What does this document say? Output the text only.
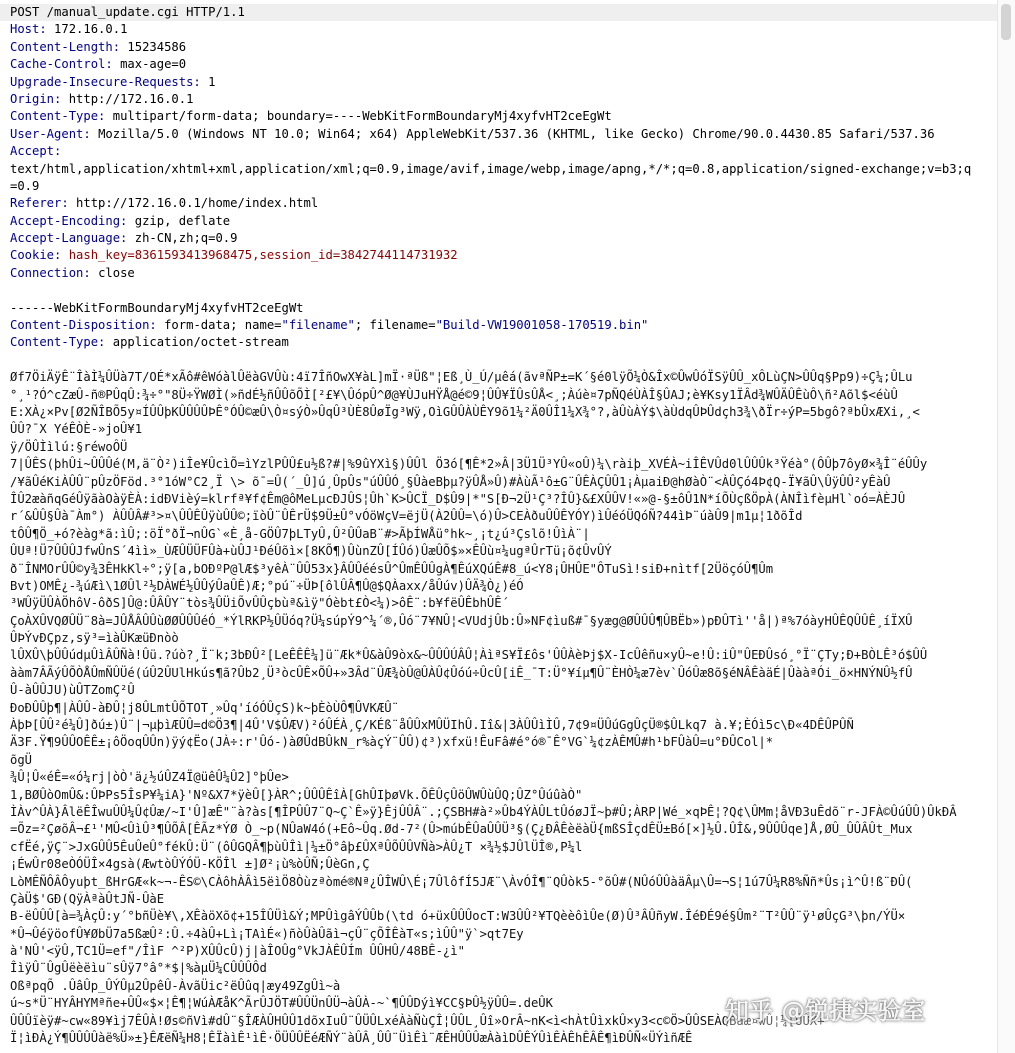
POST /manual_update.cgi HTTP/1.1
Host: 172.16.0.1
Content-Length: 15234586
Cache-Control: max-age=0
Upgrade-Insecure-Requests: 1
Origin: http://172.16.0.1
Content-Type: multipart/form-data; boundary=----WebKitFormBoundaryMj4xyfvHT2ceEgWt
User-Agent: Mozilla/5.0 (Windows NT 10.0; Win64; x64) AppleWebKit/537.36 (KHTML, like Gecko) Chrome/90.0.4430.85 Safari/537.36
Accept:
text/html,application/xhtml+xml,application/xml;q=0.9,image/avif,image/webp,image/apng,*/*;q=0.8,application/signed-exchange;v=b3;q
=0.9
Referer: http://172.16.0.1/home/index.html
Accept-Encoding: gzip, deflate
Accept-Language: zh-CN,zh;q=0.9
Cookie: hash_key=8361593413968475,session_id=3842744114731932
Connection: close
------WebKitFormBoundaryMj4xyfvHT2ceEgWt
Content-Disposition: form-data; name="filename"; filename="Build-VW19001058-170519.bin"
Content-Type: application/octet-stream
Øf7ÖiÄÿÊ¨ÎàÌ¼ÛÜà7T/OÉ*xÃô#êWóàlÛëàGVÛù:4ï7ÎñOwX¥àL]mÏ·ªÜß"¦Eß¸Ù_Ú/µêá(ãvªÑP±=K´§é0lÿÕ¼Ò&Îx©ÛwÛóÏSÿÛÛ_xÔLùÇN>ÛÛq§Pp9)÷Ç¼;ÛLu
°¸¹?Ó^cZæÛ-ñ®PÛqÛ:¾÷°"8Ü÷ŸWØÌ(»ñdÉ½ñÛÛõÕÌ[²£¥\ÛópÛ^Ø@¥ÙJuHŸÅ@é©9¦ÛÛ¥ÏÛsÛÅ<¸;Àúè¤7pÑQéÙÀÎ§ÛAJ;è¥Ksy1ÏÂd¾WÛÄÛÊùÔ\ñ²Aõl$<éùÛ
E:XÀ¿×Pv[Ø2ÑÎBÕ5y¤ÍÛÛþKÛÛÛÛÞÊ°ÓÛ©æÛ\Ò¤sýÒ»ÛqÛ³ÙÈ8ÛøÏg³Wÿ,OìGÛÛÀÙÊY9õ1¼²Ä0ÛÎ1¼X¾°?,àÛùÀÝ$\àÙdqÛÞÛdçh3¾\ðÏr÷ýP=5bgô?ªbÛxÆXi,¸<
ÛÛ?¯X YéÊÒÈ-»joÛ¥1
ÿ/ÖÛÌìlú:§réwoÔÜ
7|ÛÊS(þhÛi~ÛÛÛé(M,ä¨Ò²)iÎe¥ÛcìÕ=ìYzlPÛÛ£u½ß?#|%9ûYXì§)ÛÛl Ö3ó[¶Ê*2»Â|3Ü1Ü³YÛ«oÛ)¼\ràiþ_XVÉÀ~iÎÊVÛd0lÛÛÛk³Ÿéà°(ÔÛþ7ôyØ×¾Î¨éÛÛy
/¥ãÛéKiÀÛÛ¨pÛzÖFöd.³°1óW°C2¸Ï \> õ¯=Û(´_Û]ú¸ÛpÛs"úÛÛÓ¸§ÛàeBþµ?ÿÛÅ»Û)#ÀùÃ¹ô±G¨ÛÊÀÇÛÛ1¡ÀµaiÐ@hØàÒ¨<ÀÛÇó4Þ¢Q-Ï¥ãÛ\ÛÿÛÛ²yÊàÛ
ÎÛ2æàñqGéÛÿãàOàÿÈÀ:idÐVièý=klrfª¥f¢Êm@ôMeLµcÐJÛS¦Ûh`K>ÛCÏ_D$Û9|*"S[Ð¬2Ü¹Ç³?ÎÛ}&£XÛÛV!«»@-§±ôÛ1N*íÕÙçßÖpÀ(ÀNÎìfèµHl`oó=ÀÈJÛ
r´&ÛÛ§Ûà¯Àm°) ÀÛÛÂ#³>¤\ÛÛÊÛÿùÛÛ©;ïòÛ¨ÛÊrÜ$9Ü±Û°vÓöWçV=ëjÜ(À2ÛÛ=\ó)Û>CEÀðuÛÛÊYÓY)ìÛéóÜQóÑ?44ìÞ¨úàÛ9|m1µ¦1ðõÎd
tÔÛ¶Ö_+ó?èàg*ã:ìÛ;:öÏ°ðÏ¬nÛG`«È¸å-GÖÛ7þLTyÛ,Û²ÛÛaB¨#>ÃþÍWÅü°hk~¸¡t¿ú³Çslõ!ÛìÀ¨|
ÛUª!Ü?ÛÛÛJfwÛnS´4ìì»_ÙÆÛÜÜFÛà+ùÛJ¹ÐéÛõì×[8KÕ¶)ÛùnZÛ[ÍÛó)ÛæÛÕ$»×ÊÛù¤¼ugªÛrTü¡õ¢ÛvÛÝ
ð¨ÎNMOrÛÛ©y¾3ÊHkKl÷°;ÿ[a,bOÐºP@lÆ$³yêÀ¨ÛÛ53x}ÂÛÛéésÛ^ÛmÊÛÛgÀ¶ÊúXQúÊ#8_ú<Y8¡ÛHÛE"ÔTuSì!siÐ+nìtf[2ÜöçóÛ¶Ûm
Bvt)OMÊ¿-¾úÆì\1ØÛl²½DÀWÉ½ÛÛýÛaÛÊ)Æ;°pú¨÷ÜÞ[ôlÛÂ¶Û@$QÀaxx/åÛúv)ÛÄ¾Ò¿)éÓ
³WÛÿÜÛÀÖhôV-ôðS]Û@:ÛÂÛY¨tòs¾ÛÜiÕvÛÛçbùª&ìÿ"Óèbt£Ò<¼)>ôÊ¨:b¥fëÛÊbhÛÊ´
ÇoÀXÛVQØÛÜ¨8à=JÛÅÂÛÛùØØÛÛÛéÓ_*ÝlRKP½ÛÜóq?Ü¼súpÝ9^¼´®,Ûó¨7¥NÛ¦<VUdjÛb:Û»NF¢ìuß#¯§yæg@ØÛÛÛ¶ÛBËb»)pÐÛTì''å|)ª%7óàyHÛÊQÛÛÊ¸íÏXÛ
ÛÞÝvÐÇpz,sÿ³=ìàÛKæüÐnòò
lÛXÛ\þÛÛúdµÛìÂÛÑà!Ûü.?úò?¸Ï¨k;3bÐÛ²[LeÊÊÊ¼]ü¨Æk*Û&àÛ9òx&~ÛÛÛÚÂÛ¦ÀìªS¥Ï£ôs'ÛÛÀèÞj$X-IcÛêñu×yÛ~e!Û:iÛ"ÛEÐÛsó¸°Ï¨ÇTy;Ð+BÒLÊ³ó$ÛÛ
ààm7ÂÃýÛÕÒÅÛmÑÛÜé(úÛ2ÛUlHkús¶ã?Ûb2¸Ü³òcÛÊ×ÕÛ+»3Âd¨ÛÆ¾òÛ@ÛÀÛ¢Ûóú÷ÛcÛ[iÊ_¯T:Ü°¥íµ¶Û¨ÈHÒ¼æ7èv`ÛóÛæ8õ§éNÂÊàäÉ|ÛààªÓi_ö×HNÝNÛ½fÛ
Û-àÛÛJU)ùÛTZomÇ²Û
ÐoÐÛÛþ¶|ÀÛÛ-àÐÛ¦j8ÛLmtÛÕTOT¸»Ûq'íóÓÛçS)k~þÈòÙÔ¶ÛVKÆÛ¨
ÀþÞ[ÛÛ²é¼Û]ðú±)Û¨|¬µþìÆÛÛ=d©Ö3¶|4Û'V$ÛÆV)²óÛÉÀ¸Ç/KÉß¨åÛÛxMÛÜIhÛ.Iî&|3ÀÛÛìÌÛ,7¢9¤ÜÛúGgÛçÜ®$ÛLkq7 à.¥;ÈÓì5c\Ð«4DÊÛPÛÑ
Ä3F.Ÿ¶9ÛÛOÊÊ±¡ôÖoqÛÛn)ÿý¢Ëo(JÀ÷:r'Ûó-)àØÛdBÛkN_r%àçÝ¨ÛÛ)¢³)xfxü!ÊuFâ#é°ó®¯Ê°VG`¼¢zÀÊMÛ#h¹bFÛàÛ=u°ÐÛCol|*
õgÜ
¾Û¦Û«éÊ=«ó¼rj|òÒ'ä¿½úÛZ4Ï@üêÛ¼Û2]°þÛe>
1,BØÛòOmÛ&:ÛÞPs5ÎsP¥¼iA}'Nº&X7*ÿèÛ[}ÀR^;ÛÛÛÊîÀ[GhÛIþøVk.ÕÊÛçÛöÛWÛùÛQ;ÛZ°ÛúûàÒ"
ÌÀv^ÛÀ}ÂlëÊÎwuÛÛ¼Û¢Ûæ/~I'Û]æÊ"¨à?às[¶ÎPÛÛ7¨Q~Ç`Ê»ÿ}ÊjÛÛÂ¨.;ÇSBH#à²»Ûb4ÝÀÛLtÛóøJÏ~þ#Û;ÀRP|Wé_×qÞÊ¦?Q¢\ÛMm¦åVÐ3uÊdõ¨r-JFÀ©ÛúÛÛ)ÛkÐÂ
=Õz=²ÇøõÂ¬£¹'MÛ<ÛìÛ³¶ÛÕÂ[ÊÃz*ÝØ Ò_~p(NÛaW4ó(+Eô~Ûq.Ød-7²(Û>múbÊÛaÛÛÜ³§(Ç¿ÐÂÊèëàÜ{mßSÎçdÊÜ±Bó[×]½Û.ÛÎ&,9ÛÛÛqe]Å,ØÛ_ÛÛÂÛt_Mux
cfËé,ÿÇ¨>JxGÛÛ5ÊuÛeÛ°fékÛ:Ü¨(ôÛGQÂ¶þùÛÎì|¼±Ö°âþ£ÛXªÛÕÛÛVÑà>ÀÛ¿T ×¾½$JÛlÜÎ®,P¼l
¡ÉwÛr08eÒÓÜÎ×4gsà(ÆwtòÛÝÓÜ-KÖÎl ±]Ø²¡ù%òÛÑ;ÛèGn,Ç
LòMÊÑÔÂÔyuþt_ßHrGÆ«k~¬-ÊS©\CÀôhÀÂì5ëìÖ8Òùzªòmé®Nª¿ÛÎWÛ\É¡7ÛlôfÍ5JÆ¨\ÀvÓÎ¶¨QÛòk5-°õÛ#(NÛóÛÛàäÂµ\Û=¬S¦1ú7Û¼R8%Ññ*Ûs¡ì^Û!ß¨ÐÛ(
ÇàÜ$'GÐ(QÿÀªàÛtJÑ-ÛàE
B-ëÛÛÛ[à=¾ÀçÛ:y´°bñÜè¥\,XÊàöXõ¢+15ÎÛÜì&Ý;MPÛìgâÝÛÛb(\td ó+üxÛÛÛocT:W3ÛÛ²¥TQèèôìÛe(Ø)Û³ÂÛñyW.ÎéÐÉ9é§Ûm²¨T²ÛÛ¨ÿ¹øÛçG³\þn/ÝÜ×
*Û¬ÛéÿöofÛ¥ØbÜ7a5ßæÛ²:Û.÷4àÛ+Lì¡TAìÉ«)ñòÛàÛãì¬çÛ¨çÕÎÊàT«s;ìÛÛ"ÿ`>qt7Ey
à'NÛ'<ÿÛ,TC1Ü=ef"/ÎìF ^²P)XÛÛcÛ)j|àÎOÛg°VkJÀÊÛÍm ÛÛHÛ/48BÊ-¿ì"
ÎìÿÛ¨ÛgÛëèëìu¨sÛÿ7°â°*$|%àµÜ¼CÛÛÛÔd
OßªpqÕ .ÛâÛp_ÛÝÛµ2ÛpêÛ-ÀvãÜic²ëÛûq|æy49ZgÛì~à
ú~s*Ü¨HYÂHYMªñe+ÛÛ«$×¦Ê¶¦WúÀÆåK^ÃrÛJÖT#ÛÛÜnÛÜ¬àÛÀ-~`¶ÛÛDýì¥CC§ÞÛ½ÿÛÛ=.deÛK
ÛÛÛïèÿ#~cw«89¥ìj7ÊÛÀ!Øs©ñVì#dÛ¨§ÎÆÀÛHÛÛ1dõxIuÛ¨ÛÜÛLxéÀàÑùÇÎ¦ÛÛL¸Ûî»OrÂ~nK<ì<hÀtÛìxkÛ×y3<c©Ö>ÛÛSEÀQBàæ¤wÛ¦¼[ÛÛX+
Ï¦ìÐÀ¿Ý¶ÛÛÛÛàë%Ü»±}ÊÆëÑ¼H8¦ÊÏàìÊ¹ìÊ·ÖÜÛÛËéÆÑÝ¨àÛÂ¸ÛÛ¨ÜìÊì¨ÆÊHÛÛÛæÀàìDÛÊÝÛìÊÀÊhÊÂÊ¶ìÐÛÑ«ÜÝìñÆÊ
知乎 @锐捷实验室
